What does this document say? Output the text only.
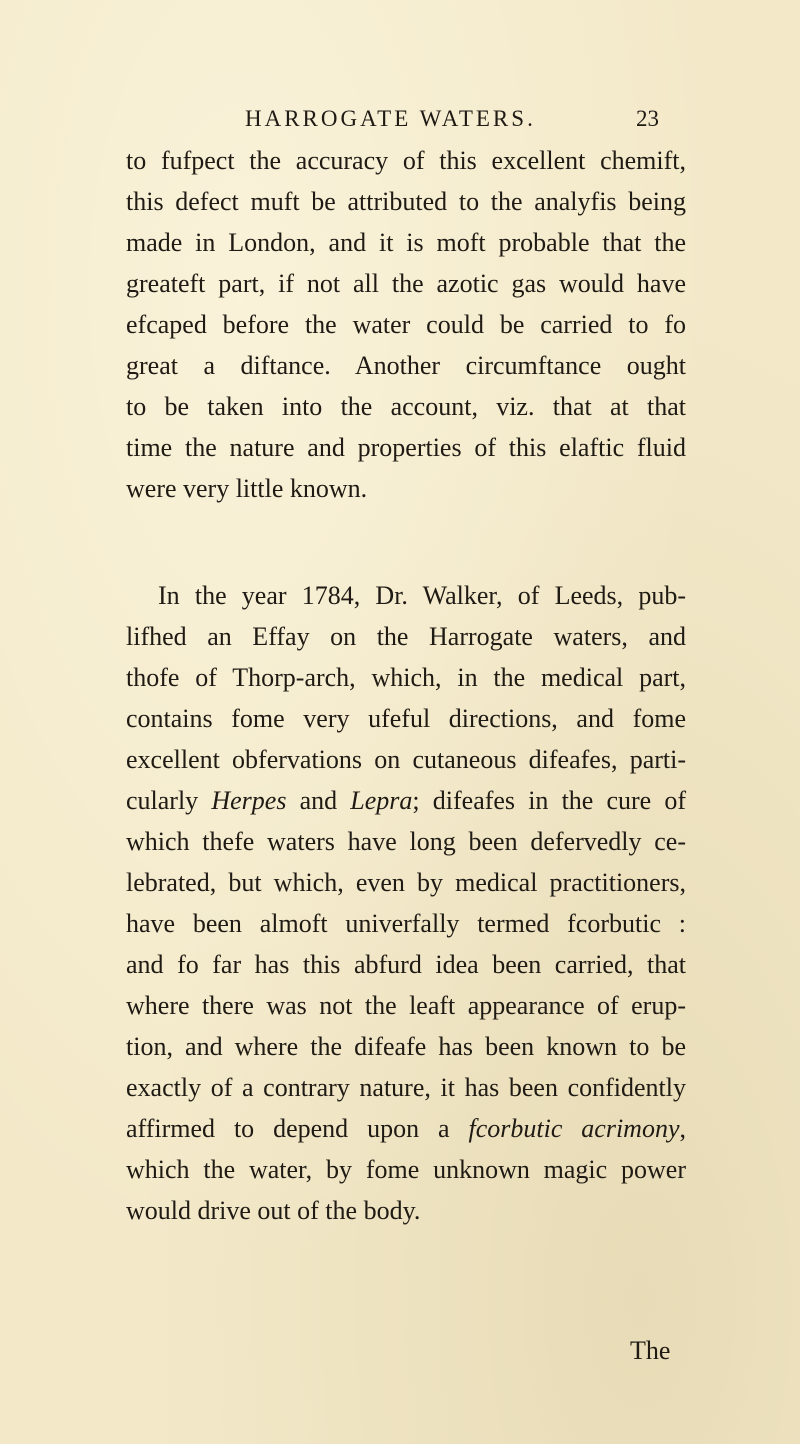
HARROGATE WATERS.	23
to fufpect the accuracy of this excellent chemift,
this defect muft be attributed to the analyfis being
made in London, and it is moft probable that the
greateft part, if not all the azotic gas would have
efcaped before the water could be carried to fo
great a diftance. Another circumftance ought
to be taken into the account, viz. that at that
time the nature and properties of this elaftic fluid
were very little known.
In the year 1784, Dr. Walker, of Leeds, pub-
lifhed an Effay on the Harrogate waters, and
thofe of Thorp-arch, which, in the medical part,
contains fome very ufeful directions, and fome
excellent obfervations on cutaneous difeafes, parti-
cularly Herpes and Lepra; difeafes in the cure of
which thefe waters have long been defervedly ce-
lebrated, but which, even by medical practitioners,
have been almoft univerfally termed fcorbutic :
and fo far has this abfurd idea been carried, that
where there was not the leaft appearance of erup-
tion, and where the difeafe has been known to be
exactly of a contrary nature, it has been confidently
affirmed to depend upon a fcorbutic acrimony,
which the water, by fome unknown magic power
would drive out of the body.
The
